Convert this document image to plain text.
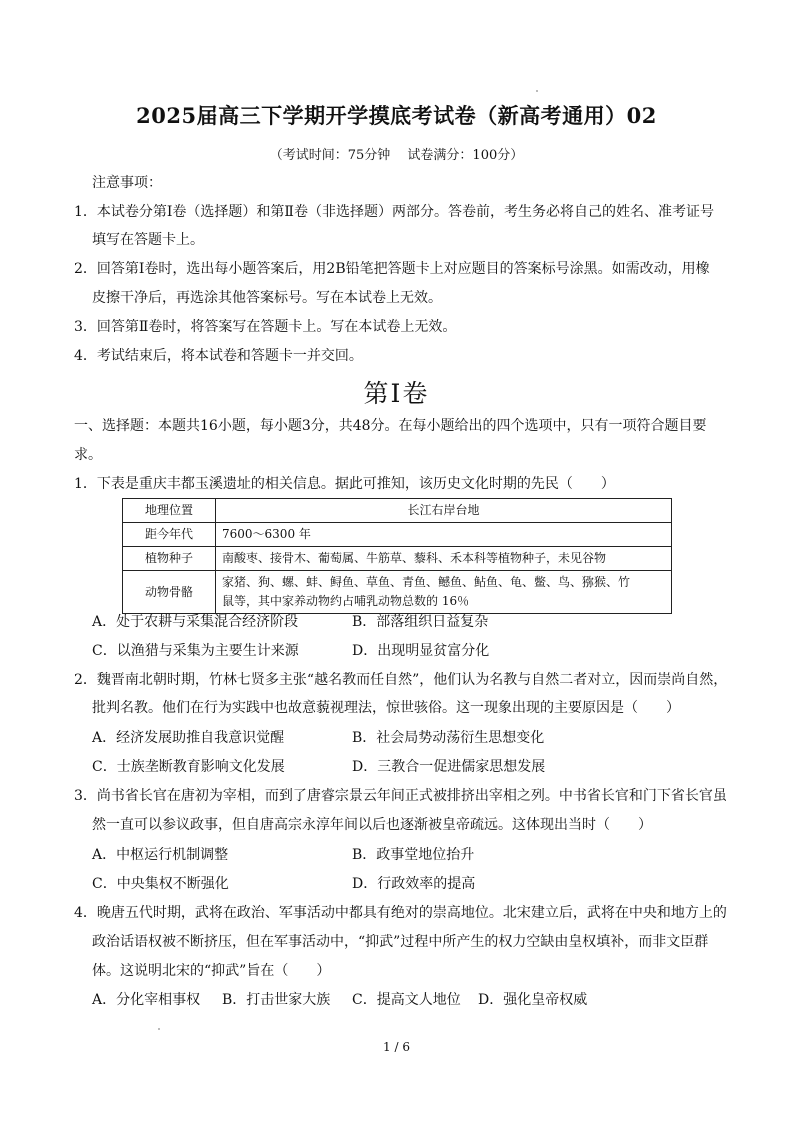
2025届高三下学期开学摸底考试卷（新高考通用）02
（考试时间：75分钟　 试卷满分：100分）
注意事项：
1．本试卷分第Ⅰ卷（选择题）和第Ⅱ卷（非选择题）两部分。答卷前，考生务必将自己的姓名、准考证号
填写在答题卡上。
2．回答第Ⅰ卷时，选出每小题答案后，用2B铅笔把答题卡上对应题目的答案标号涂黑。如需改动，用橡
皮擦干净后，再选涂其他答案标号。写在本试卷上无效。
3．回答第Ⅱ卷时，将答案写在答题卡上。写在本试卷上无效。
4．考试结束后，将本试卷和答题卡一并交回。
第Ⅰ卷
一、选择题：本题共16小题，每小题3分，共48分。在每小题给出的四个选项中，只有一项符合题目要
求。
1．下表是重庆丰都玉溪遗址的相关信息。据此可推知，该历史文化时期的先民（　　）
地理位置	长江右岸台地
距今年代	7600～6300 年
植物种子	南酸枣、接骨木、葡萄属、牛筋草、藜科、禾本科等植物种子，未见谷物
动物骨骼	家猪、狗、螺、蚌、鲟鱼、草鱼、青鱼、鳡鱼、鲇鱼、龟、鳖、鸟、猕猴、竹
鼠等，其中家养动物约占哺乳动物总数的 16％
A．处于农耕与采集混合经济阶段	B．部落组织日益复杂
C．以渔猎与采集为主要生计来源	D．出现明显贫富分化
2．魏晋南北朝时期，竹林七贤多主张“越名教而任自然”，他们认为名教与自然二者对立，因而崇尚自然，
批判名教。他们在行为实践中也故意藐视理法，惊世骇俗。这一现象出现的主要原因是（　　）
A．经济发展助推自我意识觉醒	B．社会局势动荡衍生思想变化
C．士族垄断教育影响文化发展	D．三教合一促进儒家思想发展
3．尚书省长官在唐初为宰相，而到了唐睿宗景云年间正式被排挤出宰相之列。中书省长官和门下省长官虽
然一直可以参议政事，但自唐高宗永淳年间以后也逐渐被皇帝疏远。这体现出当时（　　）
A．中枢运行机制调整	B．政事堂地位抬升
C．中央集权不断强化	D．行政效率的提高
4．晚唐五代时期，武将在政治、军事活动中都具有绝对的崇高地位。北宋建立后，武将在中央和地方上的
政治话语权被不断挤压，但在军事活动中，“抑武”过程中所产生的权力空缺由皇权填补，而非文臣群
体。这说明北宋的“抑武”旨在（　　）
A．分化宰相事权 B．打击世家大族 C．提高文人地位 D．强化皇帝权威
1 / 6
